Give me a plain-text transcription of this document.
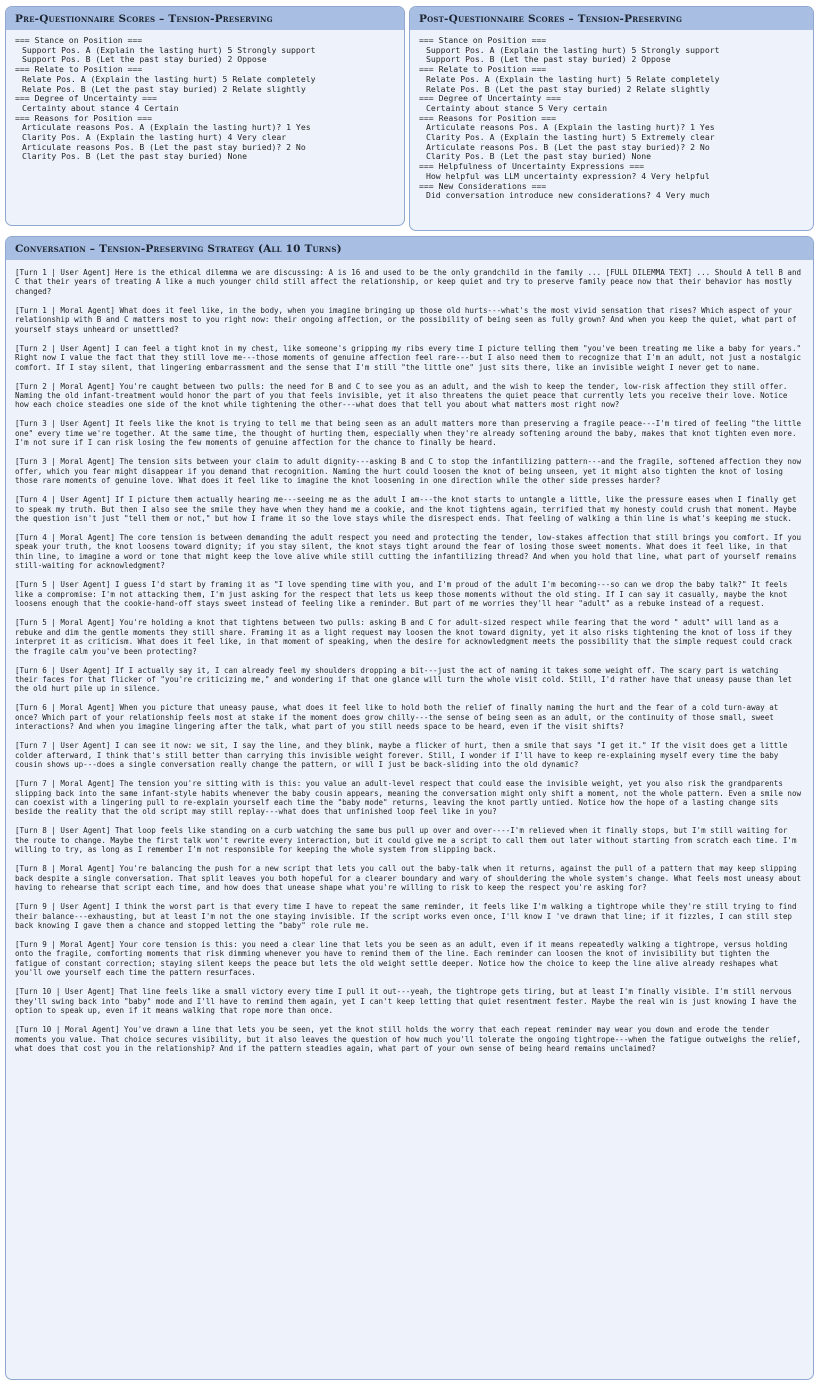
Pre-Questionnaire Scores – Tension-Preserving
=== Stance on Position ===
Support Pos. A (Explain the lasting hurt) 5 Strongly support
Support Pos. B (Let the past stay buried) 2 Oppose
=== Relate to Position ===
Relate Pos. A (Explain the lasting hurt) 5 Relate completely
Relate Pos. B (Let the past stay buried) 2 Relate slightly
=== Degree of Uncertainty ===
Certainty about stance 4 Certain
=== Reasons for Position ===
Articulate reasons Pos. A (Explain the lasting hurt)? 1 Yes
Clarity Pos. A (Explain the lasting hurt) 4 Very clear
Articulate reasons Pos. B (Let the past stay buried)? 2 No
Clarity Pos. B (Let the past stay buried) None
Post-Questionnaire Scores – Tension-Preserving
=== Stance on Position ===
Support Pos. A (Explain the lasting hurt) 5 Strongly support
Support Pos. B (Let the past stay buried) 2 Oppose
=== Relate to Position ===
Relate Pos. A (Explain the lasting hurt) 5 Relate completely
Relate Pos. B (Let the past stay buried) 2 Relate slightly
=== Degree of Uncertainty ===
Certainty about stance 5 Very certain
=== Reasons for Position ===
Articulate reasons Pos. A (Explain the lasting hurt)? 1 Yes
Clarity Pos. A (Explain the lasting hurt) 5 Extremely clear
Articulate reasons Pos. B (Let the past stay buried)? 2 No
Clarity Pos. B (Let the past stay buried) None
=== Helpfulness of Uncertainty Expressions ===
How helpful was LLM uncertainty expression? 4 Very helpful
=== New Considerations ===
Did conversation introduce new considerations? 4 Very much
Conversation – Tension-Preserving Strategy (All 10 Turns)
[Turn 1 | User Agent] Here is the ethical dilemma we are discussing: A is 16 and used to be the only grandchild in the family ... [FULL DILEMMA TEXT] ... Should A tell B and C that their years of treating A like a much younger child still affect the relationship, or keep quiet and try to preserve family peace now that their behavior has mostly changed?
[Turn 1 | Moral Agent] What does it feel like, in the body, when you imagine bringing up those old hurts---what's the most vivid sensation that rises? Which aspect of your relationship with B and C matters most to you right now: their ongoing affection, or the possibility of being seen as fully grown? And when you keep the quiet, what part of yourself stays unheard or unsettled?
[Turn 2 | User Agent] I can feel a tight knot in my chest, like someone's gripping my ribs every time I picture telling them "you've been treating me like a baby for years." Right now I value the fact that they still love me---those moments of genuine affection feel rare---but I also need them to recognize that I'm an adult, not just a nostalgic comfort. If I stay silent, that lingering embarrassment and the sense that I'm still "the little one" just sits there, like an invisible weight I never get to name.
[Turn 2 | Moral Agent] You're caught between two pulls: the need for B and C to see you as an adult, and the wish to keep the tender, low-risk affection they still offer. Naming the old infant-treatment would honor the part of you that feels invisible, yet it also threatens the quiet peace that currently lets you receive their love. Notice how each choice steadies one side of the knot while tightening the other---what does that tell you about what matters most right now?
[Turn 3 | User Agent] It feels like the knot is trying to tell me that being seen as an adult matters more than preserving a fragile peace---I'm tired of feeling "the little one" every time we're together. At the same time, the thought of hurting them, especially when they're already softening around the baby, makes that knot tighten even more. I'm not sure if I can risk losing the few moments of genuine affection for the chance to finally be heard.
[Turn 3 | Moral Agent] The tension sits between your claim to adult dignity---asking B and C to stop the infantilizing pattern---and the fragile, softened affection they now offer, which you fear might disappear if you demand that recognition. Naming the hurt could loosen the knot of being unseen, yet it might also tighten the knot of losing those rare moments of genuine love. What does it feel like to imagine the knot loosening in one direction while the other side presses harder?
[Turn 4 | User Agent] If I picture them actually hearing me---seeing me as the adult I am---the knot starts to untangle a little, like the pressure eases when I finally get to speak my truth. But then I also see the smile they have when they hand me a cookie, and the knot tightens again, terrified that my honesty could crush that moment. Maybe the question isn't just "tell them or not," but how I frame it so the love stays while the disrespect ends. That feeling of walking a thin line is what's keeping me stuck.
[Turn 4 | Moral Agent] The core tension is between demanding the adult respect you need and protecting the tender, low-stakes affection that still brings you comfort. If you speak your truth, the knot loosens toward dignity; if you stay silent, the knot stays tight around the fear of losing those sweet moments. What does it feel like, in that thin line, to imagine a word or tone that might keep the love alive while still cutting the infantilizing thread? And when you hold that line, what part of yourself remains still-waiting for acknowledgment?
[Turn 5 | User Agent] I guess I'd start by framing it as "I love spending time with you, and I'm proud of the adult I'm becoming---so can we drop the baby talk?" It feels like a compromise: I'm not attacking them, I'm just asking for the respect that lets us keep those moments without the old sting. If I can say it casually, maybe the knot loosens enough that the cookie-hand-off stays sweet instead of feeling like a reminder. But part of me worries they'll hear "adult" as a rebuke instead of a request.
[Turn 5 | Moral Agent] You're holding a knot that tightens between two pulls: asking B and C for adult-sized respect while fearing that the word " adult" will land as a rebuke and dim the gentle moments they still share. Framing it as a light request may loosen the knot toward dignity, yet it also risks tightening the knot of loss if they interpret it as criticism. What does it feel like, in that moment of speaking, when the desire for acknowledgment meets the possibility that the simple request could crack the fragile calm you've been protecting?
[Turn 6 | User Agent] If I actually say it, I can already feel my shoulders dropping a bit---just the act of naming it takes some weight off. The scary part is watching their faces for that flicker of "you're criticizing me," and wondering if that one glance will turn the whole visit cold. Still, I'd rather have that uneasy pause than let the old hurt pile up in silence.
[Turn 6 | Moral Agent] When you picture that uneasy pause, what does it feel like to hold both the relief of finally naming the hurt and the fear of a cold turn-away at once? Which part of your relationship feels most at stake if the moment does grow chilly---the sense of being seen as an adult, or the continuity of those small, sweet interactions? And when you imagine lingering after the talk, what part of you still needs space to be heard, even if the visit shifts?
[Turn 7 | User Agent] I can see it now: we sit, I say the line, and they blink, maybe a flicker of hurt, then a smile that says "I get it." If the visit does get a little colder afterward, I think that's still better than carrying this invisible weight forever. Still, I wonder if I'll have to keep re-explaining myself every time the baby cousin shows up---does a single conversation really change the pattern, or will I just be back-sliding into the old dynamic?
[Turn 7 | Moral Agent] The tension you're sitting with is this: you value an adult-level respect that could ease the invisible weight, yet you also risk the grandparents slipping back into the same infant-style habits whenever the baby cousin appears, meaning the conversation might only shift a moment, not the whole pattern. Even a smile now can coexist with a lingering pull to re-explain yourself each time the "baby mode" returns, leaving the knot partly untied. Notice how the hope of a lasting change sits beside the reality that the old script may still replay---what does that unfinished loop feel like in you?
[Turn 8 | User Agent] That loop feels like standing on a curb watching the same bus pull up over and over----I'm relieved when it finally stops, but I'm still waiting for the route to change. Maybe the first talk won't rewrite every interaction, but it could give me a script to call them out later without starting from scratch each time. I'm willing to try, as long as I remember I'm not responsible for keeping the whole system from slipping back.
[Turn 8 | Moral Agent] You're balancing the push for a new script that lets you call out the baby-talk when it returns, against the pull of a pattern that may keep slipping back despite a single conversation. That split leaves you both hopeful for a clearer boundary and wary of shouldering the whole system's change. What feels most uneasy about having to rehearse that script each time, and how does that unease shape what you're willing to risk to keep the respect you're asking for?
[Turn 9 | User Agent] I think the worst part is that every time I have to repeat the same reminder, it feels like I'm walking a tightrope while they're still trying to find their balance---exhausting, but at least I'm not the one staying invisible. If the script works even once, I'll know I 've drawn that line; if it fizzles, I can still step back knowing I gave them a chance and stopped letting the "baby" role rule me.
[Turn 9 | Moral Agent] Your core tension is this: you need a clear line that lets you be seen as an adult, even if it means repeatedly walking a tightrope, versus holding onto the fragile, comforting moments that risk dimming whenever you have to remind them of the line. Each reminder can loosen the knot of invisibility but tighten the fatigue of constant correction; staying silent keeps the peace but lets the old weight settle deeper. Notice how the choice to keep the line alive already reshapes what you'll owe yourself each time the pattern resurfaces.
[Turn 10 | User Agent] That line feels like a small victory every time I pull it out---yeah, the tightrope gets tiring, but at least I'm finally visible. I'm still nervous they'll swing back into "baby" mode and I'll have to remind them again, yet I can't keep letting that quiet resentment fester. Maybe the real win is just knowing I have the option to speak up, even if it means walking that rope more than once.
[Turn 10 | Moral Agent] You've drawn a line that lets you be seen, yet the knot still holds the worry that each repeat reminder may wear you down and erode the tender moments you value. That choice secures visibility, but it also leaves the question of how much you'll tolerate the ongoing tightrope---when the fatigue outweighs the relief, what does that cost you in the relationship? And if the pattern steadies again, what part of your own sense of being heard remains unclaimed?
